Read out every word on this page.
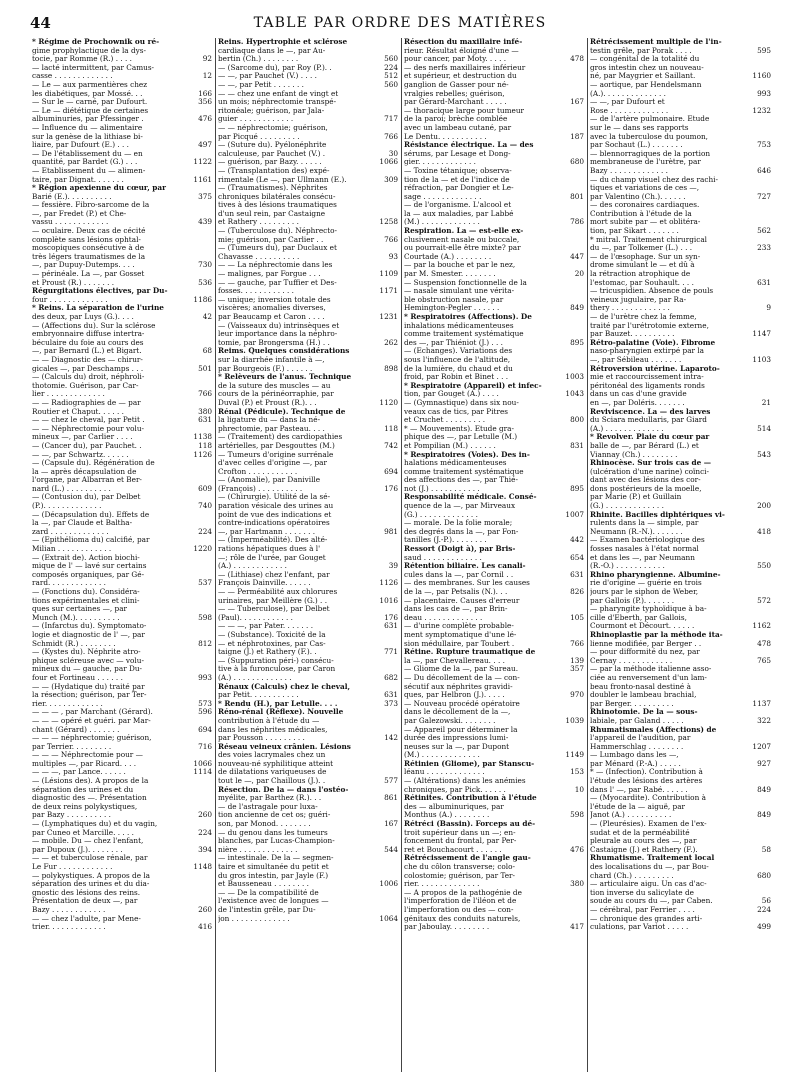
44	TABLE PAR ORDRE DES MATIÈRES
* Régime de Prochownik ou ré-
gime prophylactique de la dys-
tocie, par Romme (R.) . . . .	92
— lacté intermittent, par Camus-
casse . . . . . . . . . . . . .	12
— Le — aux parmentières chez
les diabétiques, par Mossé. . .	166
— Sur le — carné, par Dufourt.	356
— Le — diététique de certaines
albuminuries, par Pfessinger .	476
— Influence du — alimentaire
sur la genèse de la lithiase bi-
liaire, par Dufourt (E.) . . .	497
— De l'établissement du — en
quantité, par Bardet (G.) . . .	1122
— Établissement du — alimen-
taire, par Dignat. . . . . . .	1161
* Région apexienne du cœur, par
Barié (E.). . . . . . . . . .	375
— fessière. Fibro-sarcome de la
—, par Fredet (P.) et Che-
vassu . . . . . . . . . . . .	439
— oculaire. Deux cas de cécité
complète sans lésions ophtal-
moscopiques consécutive à de
très légers traumatismes de la
—, par Dupuy-Dutemps. . . .	730
— périnéale. La —, par Gosset
et Proust (R.) . . . . . . .	536
Régurgitations électives, par Du-
four . . . . . . . . . . . . .	1186
* Reins. La séparation de l'urine
des deux, par Luys (G.). . . .	42
— (Affections du). Sur la sclérose
embryonnaire diffuse intertra-
béculaire du foie au cours des
—, par Bernard (L.) et Bigart.	68
— — Diagnostic des — chirur-
gicales —, par Deschamps . . .	501
— (Calculs du) droit, néphroli-
thotomie. Guérison, par Car-
lier . . . . . . . . . . . . .	766
— — Radiographies de — par
Routier et Chaput. . . . . .	380
— — chez le cheval, par Petit .	631
— — Néphrectomie pour volu-
mineux —, par Carlier . . . .	1138
— (Cancer du), par Pauchet. .	118
— —, par Schwartz. . . . . .	1126
— (Capsule du). Régénération de
la — après décapsulation de
l'organe, par Albarran et Ber-
nard (L.) . . . . . . . . . .	609
— (Contusion du), par Delbet
(P.). . . . . . . . . . . . .	740
— (Décapsulation du). Effets de
la —, par Claude et Baltha-
zard . . . . . . . . . . . . .	224
— (Épithélioma du) calcifié, par
Milian . . . . . . . . . . . .	1220
— (Extrait de). Action biochi-
mique de l' — lavé sur certains
composés organiques, par Gé-
rard. . . . . . . . . . . . .	537
— (Fonctions du). Considéra-
tions expérimentales et clini-
ques sur certaines —, par
Munch (M.). . . . . . . . . .	598
— (Infarctus du). Symptomato-
logie et diagnostic de l' —, par
Schmidt (R.) . . . . . . . .	812
— (Kystes du). Néphrite atro-
phique scléreuse avec — volu-
mineux du — gauche, par Du-
four et Fortineau . . . . . .	993
— — (Hydatique du) traité par
la résection; guérison, par Ter-
rier. . . . . . . . . . . . .	573
— — — , par Marchant (Gérard).	596
— — — opéré et guéri. par Mar-
chant (Gérard) . . . . . . .	694
— — — néphrectomie; guérison,
par Terrier. . . . . . . . .	716
— — — Néphrectomie pour —
multiples —, par Ricard. . . .	1066
— — —, par Lance. . . . . .	1114
— (Lésions des). A propos de la
séparation des urines et du
diagnostic des —. Présentation
de deux reins polykystiques,
par Bazy . . . . . . . . . .	260
— (Lymphatiques du) et du vagin,
par Cuneo et Marcille. . . . .	224
— mobile. Du — chez l'enfant,
par Dupoux (J.). . . . . . . .	394
— — et tuberculose rénale, par
Le Fur . . . . . . . . . . . .	1148
— polykystiques. A propos de la
séparation des urines et du dia-
gnostic des lésions des reins.
Présentation de deux —, par
Bazy . . . . . . . . . . . .	260
— — chez l'adulte, par Mene-
trier. . . . . . . . . . . . .	416
Reins. Hypertrophie et sclérose
cardiaque dans le —, par Au-
bertin (Ch.) . . . . . . . .	560
— (Sarcome du), par Roy (P.). .	224
— —, par Pauchet (V.) . . . .	512
— —, par Petit . . . . . . .	560
— — chez une enfant de vingt et
un mois; néphrectomie transpé-
ritonéale; guérison, par Jala-
guier . . . . . . . . . . . .	717
— — néphrectomie; guérison,
par Picqué . . . . . . . . .	766
— (Suture du). Pyélonéphrite
calculeuse, par Pauchet (V.) .	30
— guérison, par Bazy. . . . . .	1066
— (Transplantation des) expé-
rimentale (Le —, par Ullmann (E.).	309
— (Traumatismes). Néphrites
chroniques bilatérales consécu-
tives à des lésions traumatiques
d'un seul rein, par Castaigne
et Rathery . . . . . . . . .	1258
— (Tuberculose du). Néphrecto-
mie; guérison, par Carlier . .	766
— (Tumeurs du), par Duclaux et
Chavasse . . . . . . . . . .	93
— — La néphrectomie dans les
— malignes, par Forgue . . .	1109
— — gauche, par Tuffier et Des-
fosses. . . . . . . . . . . .	1171
— unique; inversion totale des
viscères; anomalies diverses,
par Beaucamp et Caron . . . .	1231
— (Vaisseaux du) intrinsèques et
leur importance dans la néphro-
tomie, par Brongersma (H.) . .	262
Reims. Quelques considérations
sur la diarrhée infantile à —,
par Bourgeois (F.) . . . . . .	898
* Relèveurs de l'anus. Technique
de la suture des muscles — au
cours de la périnéorraphie, par
Duval (P.) et Proust (R.). . .	1120
Rénal (Pédicule). Technique de
la ligature du — dans la né-
phrectomie, par Pasteau. . . .	118
— (Traitement) des cardiopathies
artérielles, par Desgouttes (M.)	742
— Tumeurs d'origine surrénale
d'avec celles d'origine —, par
Crofton . . . . . . . . . . .	694
— (Anomalie), par Daniville
(François) . . . . . . . . . .	176
— (Chirurgie). Utilité de la sé-
paration vésicale des urines au
point de vue des indications et
contre-indications opératoires
—, par Hartmann . . . . . . .	981
— (Imperméabilité). Des alté-
rations hépatiques dues à l'
—; rôle de l'urée, par Gouget
(A.) . . . . . . . . . . . .	39
— (Lithiase) chez l'enfant, par
François Dainville. . . . . .	1126
— — Perméabilité aux chlorures
urinaires, par Meillère (G.) . .	1016
— — Tuberculose), par Delbet
(Paul). . . . . . . . . . . .	176
— — —, par Pater. . . . . . .	631
— (Substance). Toxicité de la
— et néphrotoxines, par Cas-
taigne (J.) et Rathery (F.). .	771
— (Suppuration péri-) consécu-
tive à la furonculose, par Caron
(A.) . . . . . . . . . . . . .	682
Rénaux (Calculs) chez le cheval,
par Petit. . . . . . . . . . .	631
* Rendu (H.), par Letulle. . . .	373
Réno-rénal (Réflexe). Nouvelle
contribution à l'étude du —
dans les néphrites médicales,
par Pousson . . . . . . . . .	142
Réseau veineux crânien. Lésions
des voies lacrymales chez un
nouveau-né syphilitique atteint
de dilatations variqueuses de
tout le —, par Chaillous (J.). .	577
Résection. De la — dans l'ostéo-
myélite, par Barthez (R.). . .	861
— de l'astragale pour luxa-
tion ancienne de cet os; guéri-
son, par Monod. . . . . . . .	167
— du genou dans les tumeurs
blanches, par Lucas-Champion-
nière . . . . . . . . . . . . .	544
— intestinale. De la — segmen-
taire et simultanée du petit et
du gros intestin, par Jayle (F.)
et Bausseneau . . . . . . . .	1006
— — De la compatibilité de
l'existence avec de longues —
de l'intestin grêle, par Du-
jon . . . . . . . . . . . . .	1064
Résection du maxillaire infé-
rieur. Résultat éloigné d'une —
pour cancer, par Moty. . . . .	478
— des nerfs maxillaires inférieur
et supérieur, et destruction du
ganglion de Gasser pour né-
vralgies rebelles; guérison,
par Gérard-Marchant . . . . .	167
— thoracique large pour tumeur
de la paroi; brèche comblée
avec un lambeau cutané, par
Le Dentu. . . . . . . . . . .	187
Résistance électrique. La — des
sérums, par Lesage et Dong-
gier. . . . . . . . . . . . .	680
— Toxine tétanique; observa-
tion de la — et de l'indice de
réfraction, par Dongier et Le-
sage . . . . . . . . . . . . .	801
— de l'organisme. L'alcool et
la — aux maladies, par Labbé
(M.) . . . . . . . . . . . . .	786
Respiration. La — est-elle ex-
clusivement nasale ou buccale,
ou pourrait-elle être mixte? par
Courtade (A.) . . . . . . . .	447
— par la bouche et par le nez,
par M. Smester. . . . . . . .	20
— Suspension fonctionnelle de la
— nasale simulant une vérita-
ble obstruction nasale, par
Hemington-Pegler . . . . . .	849
* Respiratoires (Affections). De
inhalations médicamenteuses
comme traitement systématique
des —, par Thiéniot (J.) . . .	895
— (Échanges). Variations des
sous l'influence de l'altitude,
de la lumière, du chaud et du
froid, par Robin et Binet . . .	1003
* Respiratoire (Appareil) et infec-
tion, par Gouget (A.) . . . .	1043
— (Gymnastique) dans six nou-
veaux cas de tics, par Pitres
et Cruchet . . . . . . . . .	800
* — Mouvements). Étude gra-
phique des —, par Letulle (M.)
et Pompilian (M.) . . . . . .	831
* Respiratoires (Voies). Des in-
halations médicamenteuses
comme traitement systématique
des affections des —, par Thié-
not (J.) . . . . . . . . . . .	895
Responsabilité médicale. Consé-
quence de la —, par Mirveaux
(G.) . . . . . . . . . . . . .	1007
— morale. De la folie morale;
des degrés dans la —, par Fon-
tanilles (J.-P.). . . . . . . .	442
Ressort (Doigt à), par Bris-
saud . . . . . . . . . . . . .	654
Rétention biliaire. Les canali-
cules dans la —, par Cornil . .	631
— des membranes. Sur les causes
de la —, par Petsalis (N.). . .	826
— placentaire. Causes d'erreur
dans les cas de —, par Brin-
deau . . . . . . . . . . . . .	105
— d'urine complète probable-
ment symptomatique d'une lé-
sion médullaire, par Toubert .	766
Rétine. Rupture traumatique de
la —, par Chevallereau. . . .	139
— Gliome de la —, par Sureau.	357
— Du décollement de la — con-
sécutif aux néphrites gravidi-
ques, par Helbron (J.). . . . .	970
— Nouveau procédé opératoire
dans le décollement de la —,
par Galezowski. . . . . . . .	1039
— Appareil pour déterminer la
durée des impressions lumi-
neuses sur la —, par Dupont
(M.) . . . . . . . . . . . . .	1149
Rétinien (Gliome), par Stanscu-
léanu . . . . . . . . . . . . .	153
— (Altérations) dans les anémies
chroniques, par Pick. . . . . .	10
Rétinites. Contribution à l'étude
des — albuminuriques, par
Monthus (A.) . . . . . . . .	598
Rétréci (Bassin). Forceps au dé-
troit supérieur dans un —; en-
foncement du frontal, par Per-
ret et Bouchacourt . . . . . .	476
Rétrécissement de l'angle gau-
che du côlon transverse; colo-
colostomie; guérison, par Ter-
rier. . . . . . . . . . . . . .	380
— A propos de la pathogénie de
l'imperforation de l'iléon et de
l'imperforation ou des — con-
génitaux des conduits naturels,
par Jaboulay. . . . . . . . .	417
Rétrécissement multiple de l'in-
testin grêle, par Porak . . . .	595
— congénital de la totalité du
gros intestin chez un nouveau-
né, par Maygrier et Saillant.	1160
— aortique, par Hendelsmann
(A.). . . . . . . . . . . . . .	993
— —, par Dufourt et
Rose . . . . . . . . . . . . .	1232
— de l'artère pulmonaire. Étude
sur le — dans ses rapports
avec la tuberculose du poumon,
par Sochaut (L.) . . . . . . .	753
— blennorragiques de la portion
membraneuse de l'urètre, par
Bazy . . . . . . . . . . . . .	646
— du champ visuel chez des rachi-
tiques et variations de ces —,
par Valentino (Ch.). . . . . .	727
— des coronaires cardiaques.
Contribution à l'étude de la
mort subite par — et oblitéra-
tion, par Sikart . . . . . . .	562
* mitral. Traitement chirurgical
du —, par Tolkemer (L.) . . .	233
— de l'œsophage. Sur un syn-
drome simulant le — et dû à
la rétraction atrophique de
l'estomac, par Souhault. . . .	631
— tricuspidien. Absence de pouls
veineux jugulaire, par Ra-
thery . . . . . . . . . . . . .	9
— de l'urètre chez la femme,
traité par l'urétrotomie externe,
par Bauzet. . . . . . . . . .	1147
Rétro-palatine (Voie). Fibrome
naso-pharyngien extirpé par la
—, par Sébileau . . . . . . .	1103
Rétroversion utérine. Laparoto-
mie et raccourcissement intra-
péritonéal des ligaments ronds
dans un cas d'une gravide
en —, par Doléris. . . . . . .	21
Reviviscence. La — des larves
du Sciara medullaris, par Giard
(A.) . . . . . . . . . . . . .	514
* Revolver. Plaie du cœur par
balle de —, par Bérard (L.) et
Viannay (Ch.) . . . . . . . .	543
Rhinocèse. Sur trois cas de —
(ulcération d'une narine) coïnci-
dant avec des lésions des cor-
dons postérieurs de la moelle,
par Marie (P.) et Guillain
(G.) . . . . . . . . . . . . .	200
Rhinite. Bacilles diphtériques vi-
rulents dans la — simple, par
Neumann (R.-N.). . . . . . .	418
— Examen bactériologique des
fosses nasales à l'état normal
et dans les —, par Neumann
(R.-O.) . . . . . . . . . . .	550
Rhino pharyngienne. Albumine-
rie d'origine — guérie en trois
jours par le siphon de Weber,
par Gallois (P.). . . . . . .	572
— pharyngite typhoïdique à ba-
cille d'Eberth, par Gallois,
Courmont et Décourt. . . . . .	1162
Rhinoplastie par la méthode ita-
lienne modifiée, par Berger . .	478
— pour difformité du nez, par
Cernay . . . . . . . . . . . .	765
— par la méthode italienne asso-
ciée au renversement d'un lam-
beau fronto-nasal destiné à
doubler le lambeau brachial,
par Berger. . . . . . . . . .	1137
Rhinotomie. De la — sous-
labiale, par Galand . . . . .	322
Rhumatismales (Affections) de
l'appareil de l'audition, par
Hammerschlag . . . . . . . .	1207
— Lumbago dans les —,
par Ménard (P.-A.) . . . . .	927
* — (Infection). Contribution à
l'étude des lésions des artères
dans l' —, par Rabé. . . . . .	849
— (Myocardite). Contribution à
l'étude de la — aiguë, par
Janot (A.) . . . . . . . . . .	849
— (Pleurésies). Examen de l'ex-
sudat et de la perméabilité
pleurale au cours des —, par
Castaigne (J.) et Rathery (F.).	58
Rhumatisme. Traitement local
des localisations du —, par Bou-
chard (Ch.) . . . . . . . . .	680
— articulaire aigu. Un cas d'ac-
tion inverse du salicylate de
soude au cours du —, par Caben.	56
— cérébral, par Ferrier . . . .	224
— chronique des grandes arti-
culations, par Variot . . . . .	499
